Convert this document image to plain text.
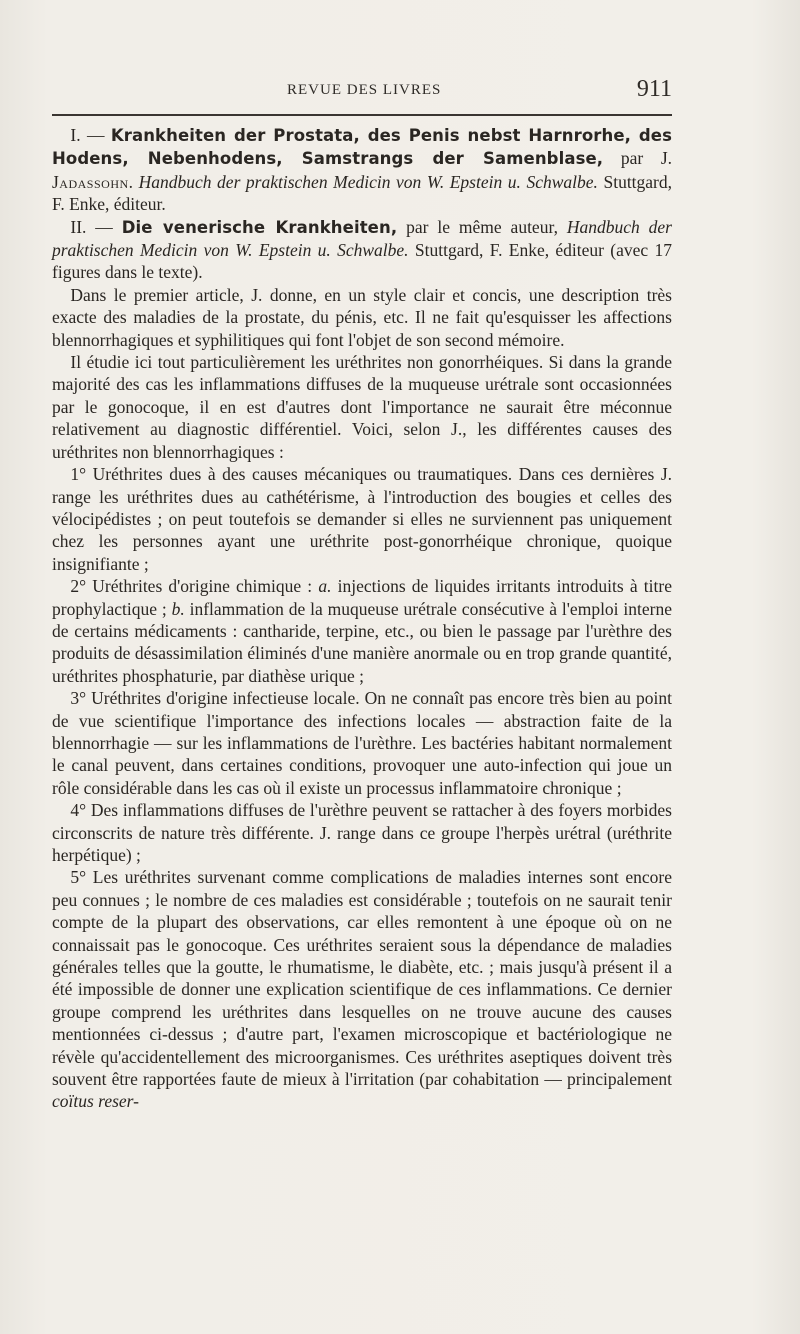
REVUE DES LIVRES	911

I. — Krankheiten der Prostata, des Penis nebst Harnrorhe, des Hodens, Nebenhodens, Samstrangs der Samenblase, par J. Jadassohn. Handbuch der praktischen Medicin von W. Epstein u. Schwalbe. Stuttgard, F. Enke, éditeur.

II. — Die venerische Krankheiten, par le même auteur, Handbuch der praktischen Medicin von W. Epstein u. Schwalbe. Stuttgard, F. Enke, éditeur (avec 17 figures dans le texte).

Dans le premier article, J. donne, en un style clair et concis, une description très exacte des maladies de la prostate, du pénis, etc. Il ne fait qu'esquisser les affections blennorrhagiques et syphilitiques qui font l'objet de son second mémoire.

Il étudie ici tout particulièrement les uréthrites non gonorrhéiques. Si dans la grande majorité des cas les inflammations diffuses de la muqueuse urétrale sont occasionnées par le gonocoque, il en est d'autres dont l'importance ne saurait être méconnue relativement au diagnostic différentiel. Voici, selon J., les différentes causes des uréthrites non blennorrhagiques :

1° Uréthrites dues à des causes mécaniques ou traumatiques. Dans ces dernières J. range les uréthrites dues au cathétérisme, à l'introduction des bougies et celles des vélocipédistes ; on peut toutefois se demander si elles ne surviennent pas uniquement chez les personnes ayant une uréthrite post-gonorrhéique chronique, quoique insignifiante ;

2° Uréthrites d'origine chimique : a. injections de liquides irritants introduits à titre prophylactique ; b. inflammation de la muqueuse urétrale consécutive à l'emploi interne de certains médicaments : cantharide, terpine, etc., ou bien le passage par l'urèthre des produits de désassimilation éliminés d'une manière anormale ou en trop grande quantité, uréthrites phosphaturie, par diathèse urique ;

3° Uréthrites d'origine infectieuse locale. On ne connaît pas encore très bien au point de vue scientifique l'importance des infections locales — abstraction faite de la blennorrhagie — sur les inflammations de l'urèthre. Les bactéries habitant normalement le canal peuvent, dans certaines conditions, provoquer une auto-infection qui joue un rôle considérable dans les cas où il existe un processus inflammatoire chronique ;

4° Des inflammations diffuses de l'urèthre peuvent se rattacher à des foyers morbides circonscrits de nature très différente. J. range dans ce groupe l'herpès urétral (uréthrite herpétique) ;

5° Les uréthrites survenant comme complications de maladies internes sont encore peu connues ; le nombre de ces maladies est considérable ; toutefois on ne saurait tenir compte de la plupart des observations, car elles remontent à une époque où on ne connaissait pas le gonocoque. Ces uréthrites seraient sous la dépendance de maladies générales telles que la goutte, le rhumatisme, le diabète, etc. ; mais jusqu'à présent il a été impossible de donner une explication scientifique de ces inflammations. Ce dernier groupe comprend les uréthrites dans lesquelles on ne trouve aucune des causes mentionnées ci-dessus ; d'autre part, l'examen microscopique et bactériologique ne révèle qu'accidentellement des microorganismes. Ces uréthrites aseptiques doivent très souvent être rapportées faute de mieux à l'irritation (par cohabitation — principalement coïtus reser-
